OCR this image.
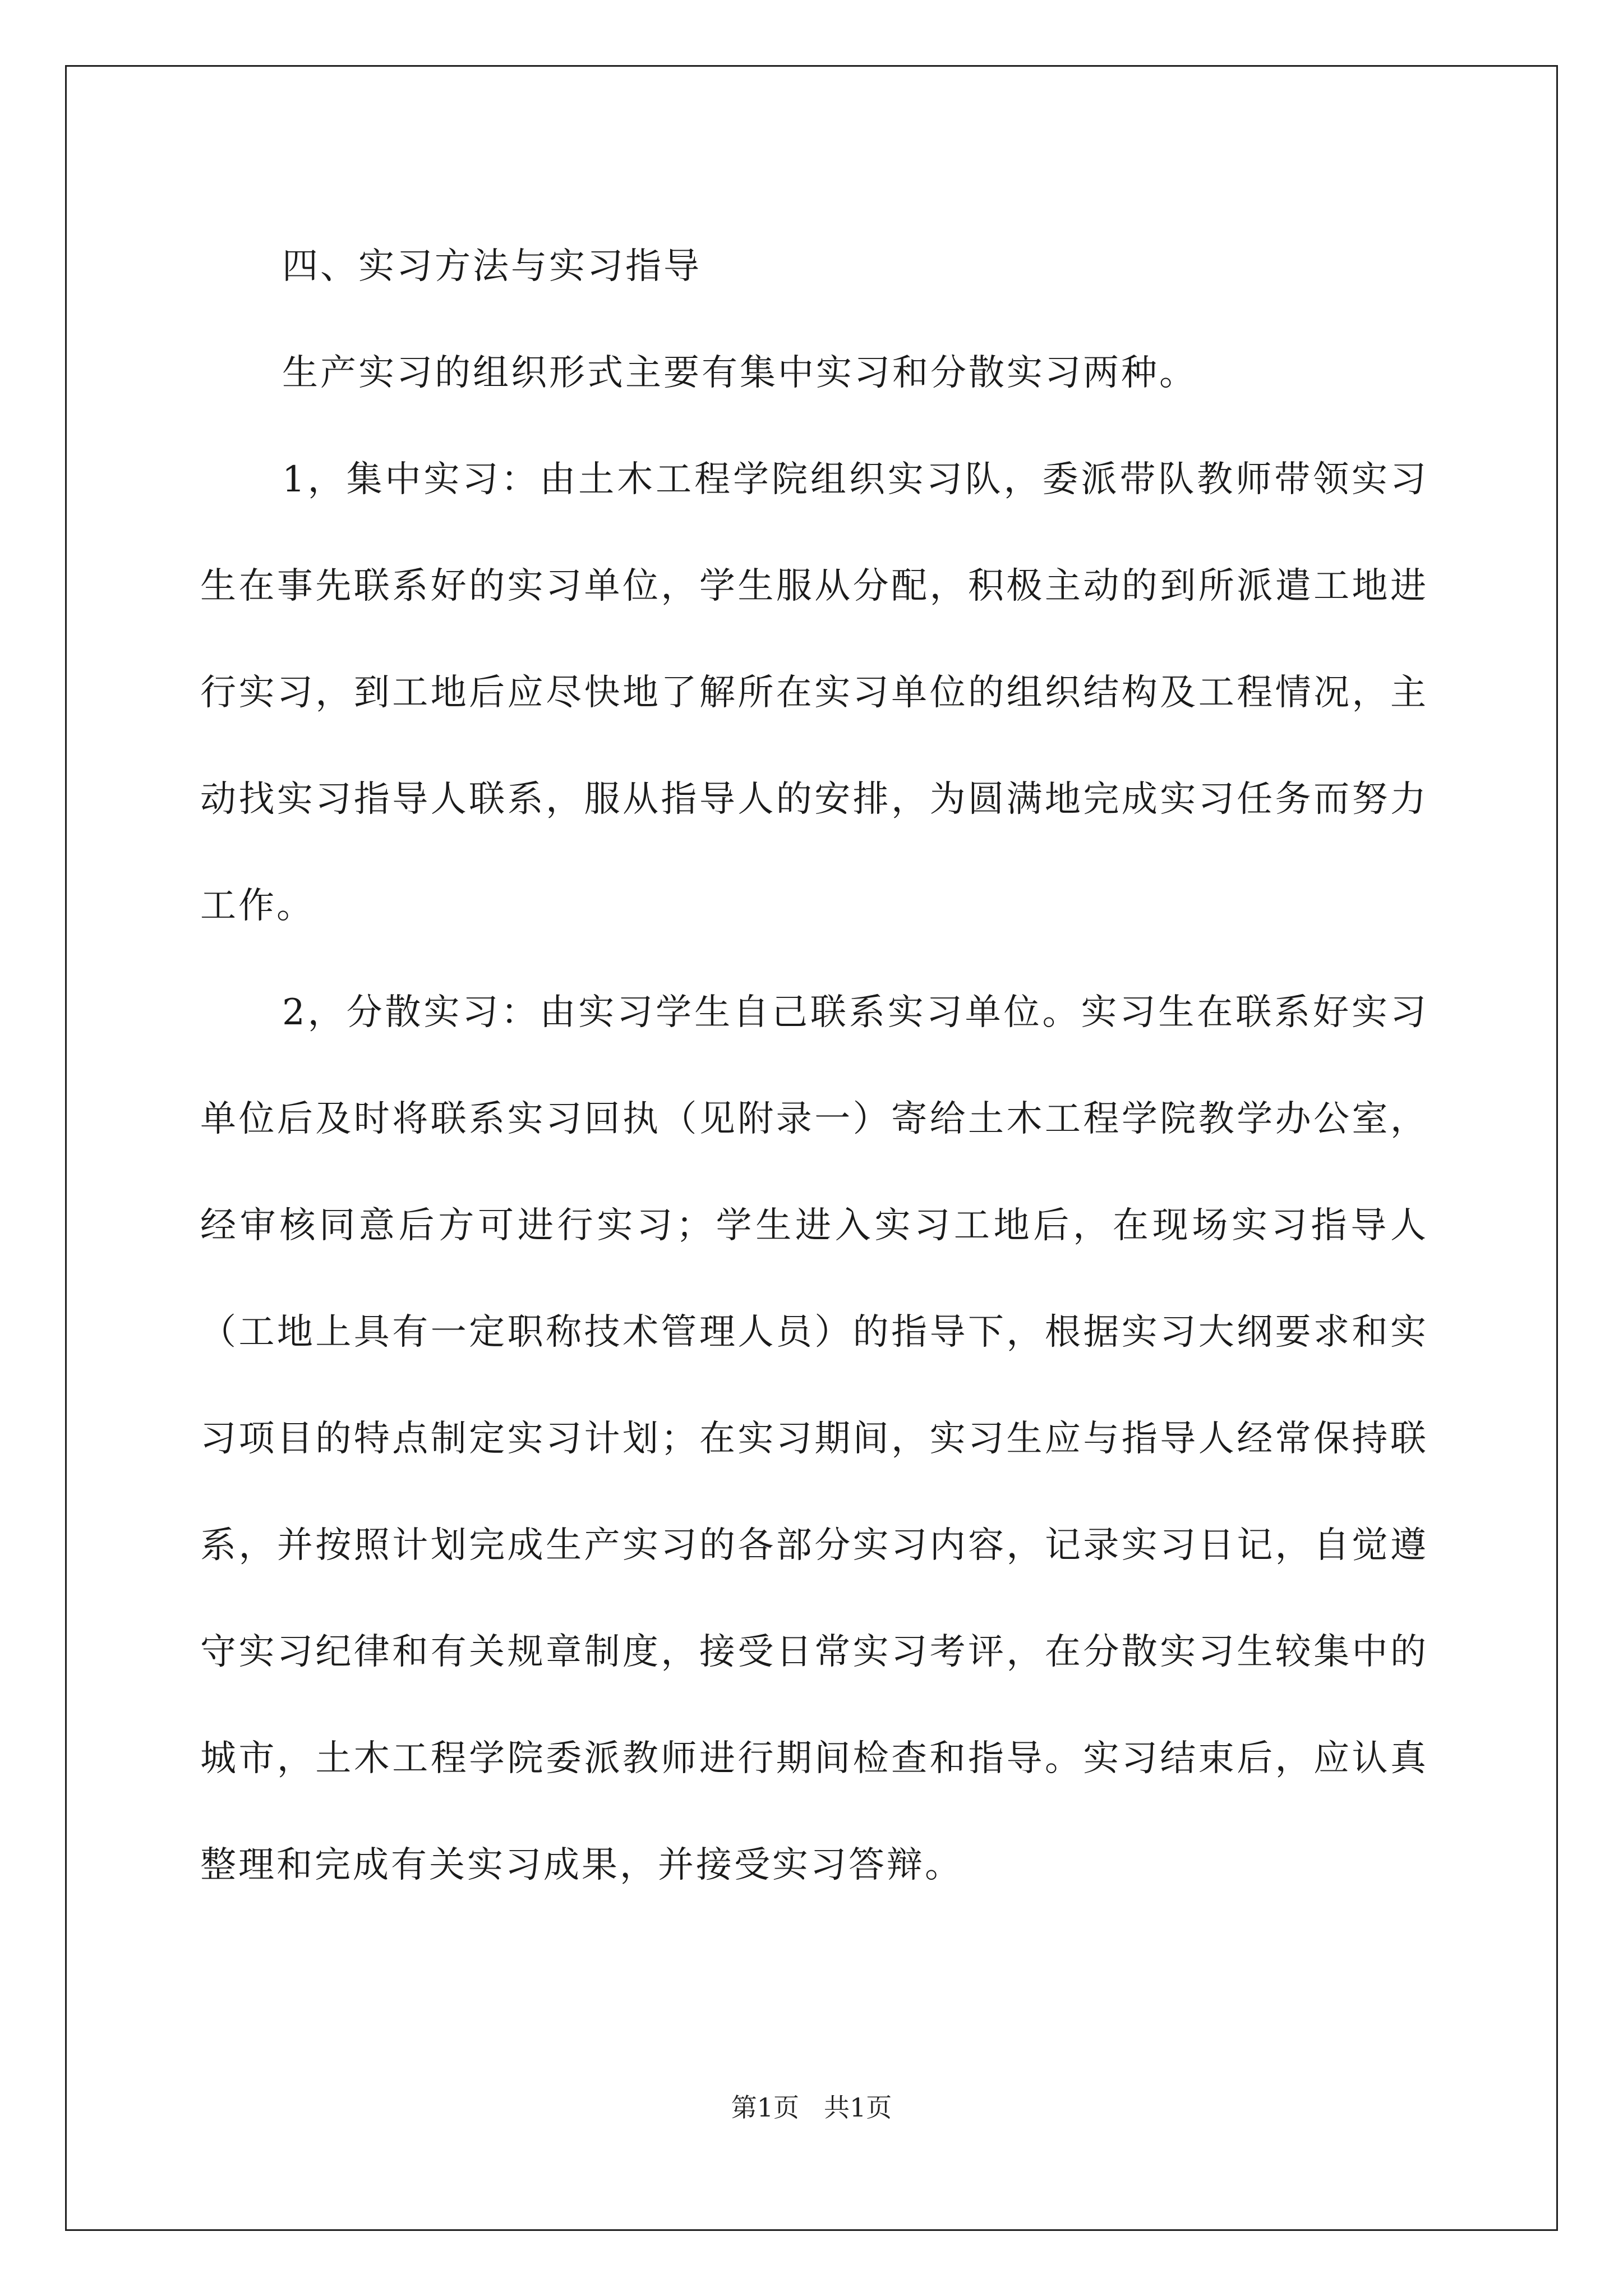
四、实习方法与实习指导

生产实习的组织形式主要有集中实习和分散实习两种。

1，集中实习：由土木工程学院组织实习队，委派带队教师带领实习生在事先联系好的实习单位，学生服从分配，积极主动的到所派遣工地进行实习，到工地后应尽快地了解所在实习单位的组织结构及工程情况，主动找实习指导人联系，服从指导人的安排，为圆满地完成实习任务而努力工作。

2，分散实习：由实习学生自己联系实习单位。实习生在联系好实习单位后及时将联系实习回执（见附录一）寄给土木工程学院教学办公室，经审核同意后方可进行实习；学生进入实习工地后，在现场实习指导人（工地上具有一定职称技术管理人员）的指导下，根据实习大纲要求和实习项目的特点制定实习计划；在实习期间，实习生应与指导人经常保持联系，并按照计划完成生产实习的各部分实习内容，记录实习日记，自觉遵守实习纪律和有关规章制度，接受日常实习考评，在分散实习生较集中的城市，土木工程学院委派教师进行期间检查和指导。实习结束后，应认真整理和完成有关实习成果，并接受实习答辩。

第1页 共1页
